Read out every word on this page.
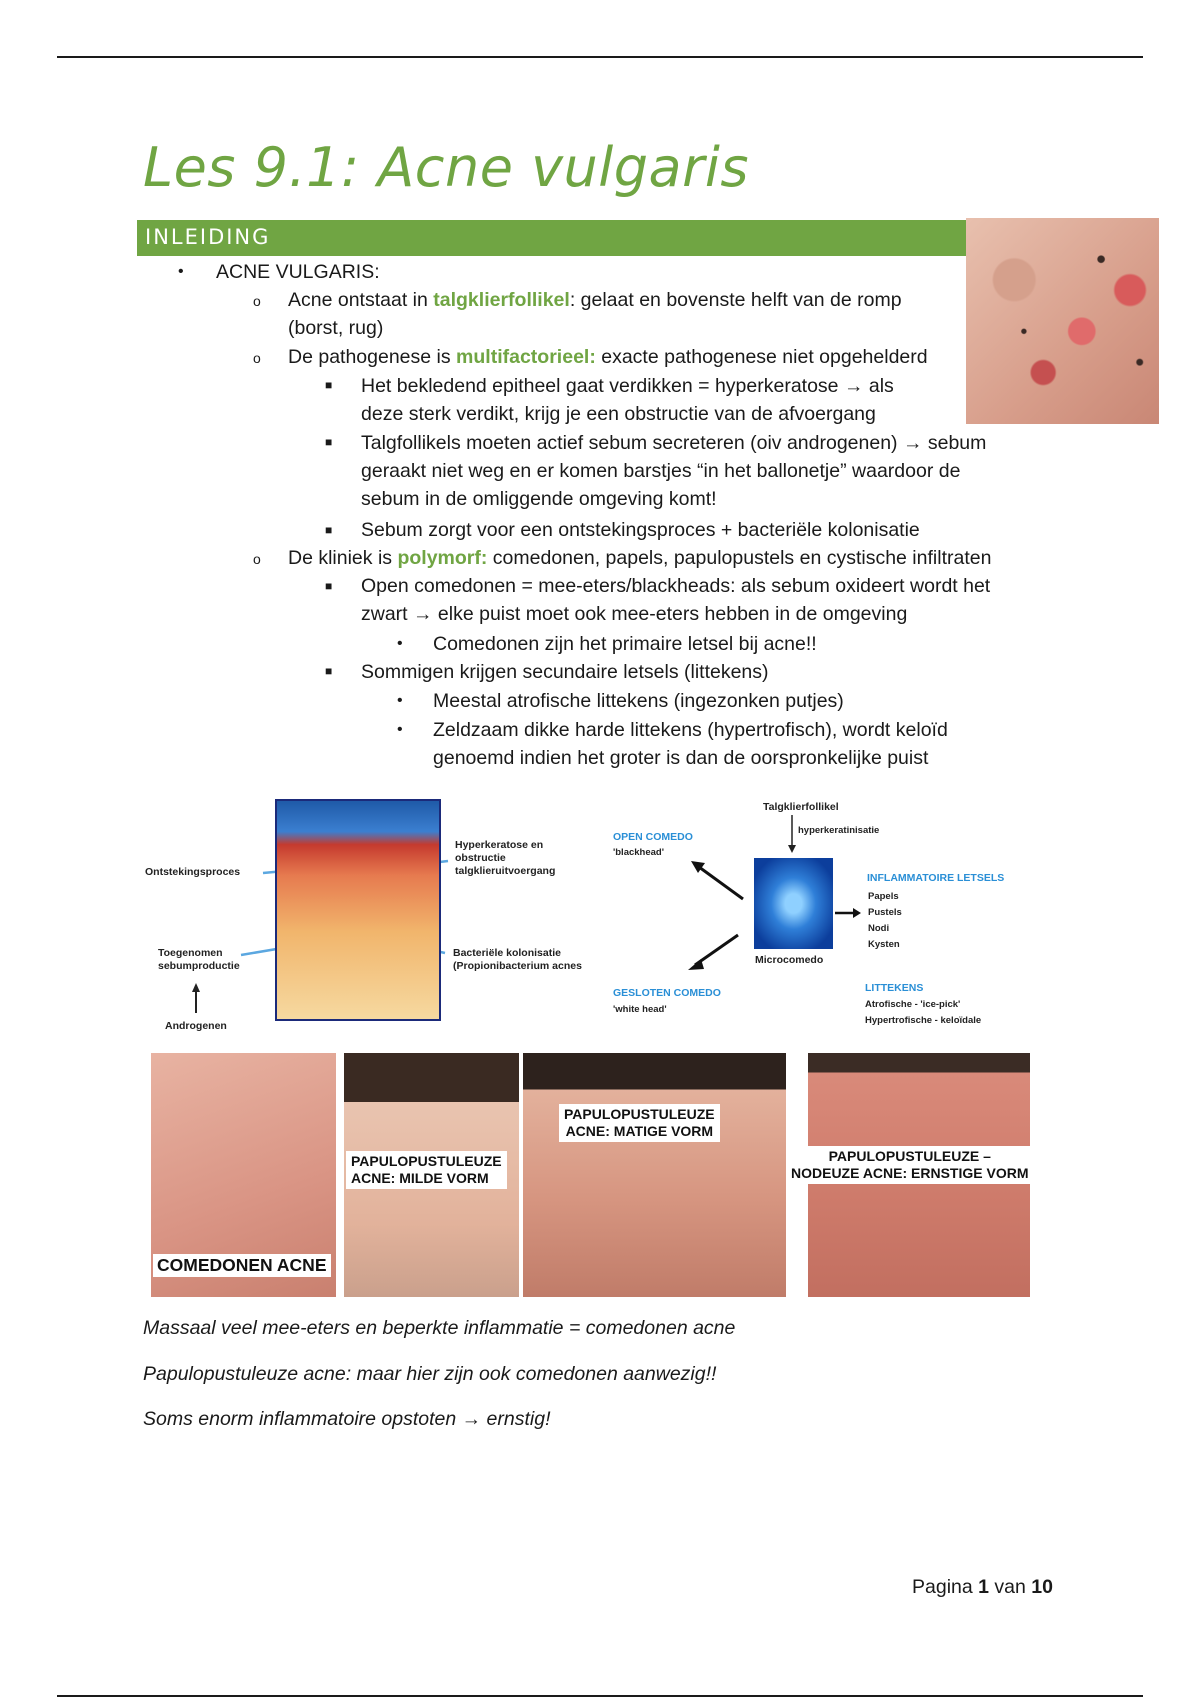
Les 9.1: Acne vulgaris
INLEIDING
• ACNE VULGARIS:
o Acne ontstaat in talgklierfollikel: gelaat en bovenste helft van de romp
(borst, rug)
o De pathogenese is multifactorieel: exacte pathogenese niet opgehelderd
■ Het bekledend epitheel gaat verdikken = hyperkeratose → als
deze sterk verdikt, krijg je een obstructie van de afvoergang
■ Talgfollikels moeten actief sebum secreteren (oiv androgenen) → sebum
geraakt niet weg en er komen barstjes “in het ballonetje” waardoor de
sebum in de omliggende omgeving komt!
■ Sebum zorgt voor een ontstekingsproces + bacteriële kolonisatie
o De kliniek is polymorf: comedonen, papels, papulopustels en cystische infiltraten
■ Open comedonen = mee-eters/blackheads: als sebum oxideert wordt het
zwart → elke puist moet ook mee-eters hebben in de omgeving
• Comedonen zijn het primaire letsel bij acne!!
■ Sommigen krijgen secundaire letsels (littekens)
• Meestal atrofische littekens (ingezonken putjes)
• Zeldzaam dikke harde littekens (hypertrofisch), wordt keloïd
genoemd indien het groter is dan de oorspronkelijke puist
Ontstekingsproces
Hyperkeratose en
obstructie
talgklieruitvoergang
Toegenomen
sebumproductie
Androgenen
Bacteriële kolonisatie
(Propionibacterium acnes
Talgklierfollikel
hyperkeratinisatie
OPEN COMEDO
'blackhead'
Microcomedo
GESLOTEN COMEDO
'white head'
INFLAMMATOIRE LETSELS
Papels
Pustels
Nodi
Kysten
LITTEKENS
Atrofische - 'ice-pick'
Hypertrofische - keloïdale
COMEDONEN ACNE
PAPULOPUSTULEUZE
ACNE: MILDE VORM
PAPULOPUSTULEUZE
ACNE: MATIGE VORM
PAPULOPUSTULEUZE –
NODEUZE ACNE: ERNSTIGE VORM
Massaal veel mee-eters en beperkte inflammatie = comedonen acne
Papulopustuleuze acne: maar hier zijn ook comedonen aanwezig!!
Soms enorm inflammatoire opstoten → ernstig!
Pagina 1 van 10
